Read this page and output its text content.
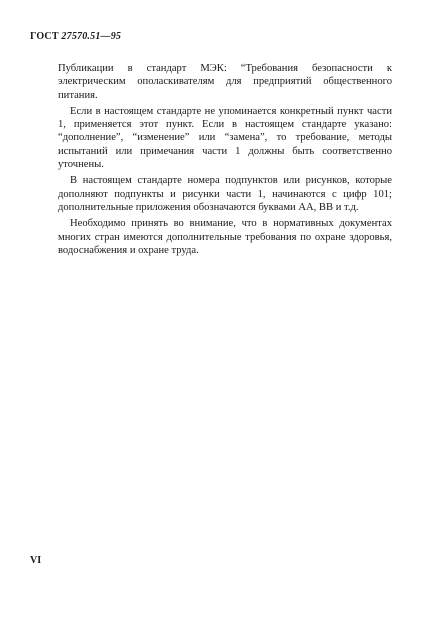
ГОСТ 27570.51—95

Публикации в стандарт МЭК: “Требования безопасности к электрическим ополаскивателям для предприятий общественного питания.

Если в настоящем стандарте не упоминается конкретный пункт части 1, применяется этот пункт. Если в настоящем стандарте указано: “дополнение”, “изменение” или “замена”, то требование, методы испытаний или примечания части 1 должны быть соответственно уточнены.

В настоящем стандарте номера подпунктов или рисунков, которые дополняют подпункты и рисунки части 1, начинаются с цифр 101; дополнительные приложения обозначаются буквами АА, ВВ и т.д.

Необходимо принять во внимание, что в нормативных документах многих стран имеются дополнительные требования по охране здоровья, водоснабжения и охране труда.

VI
